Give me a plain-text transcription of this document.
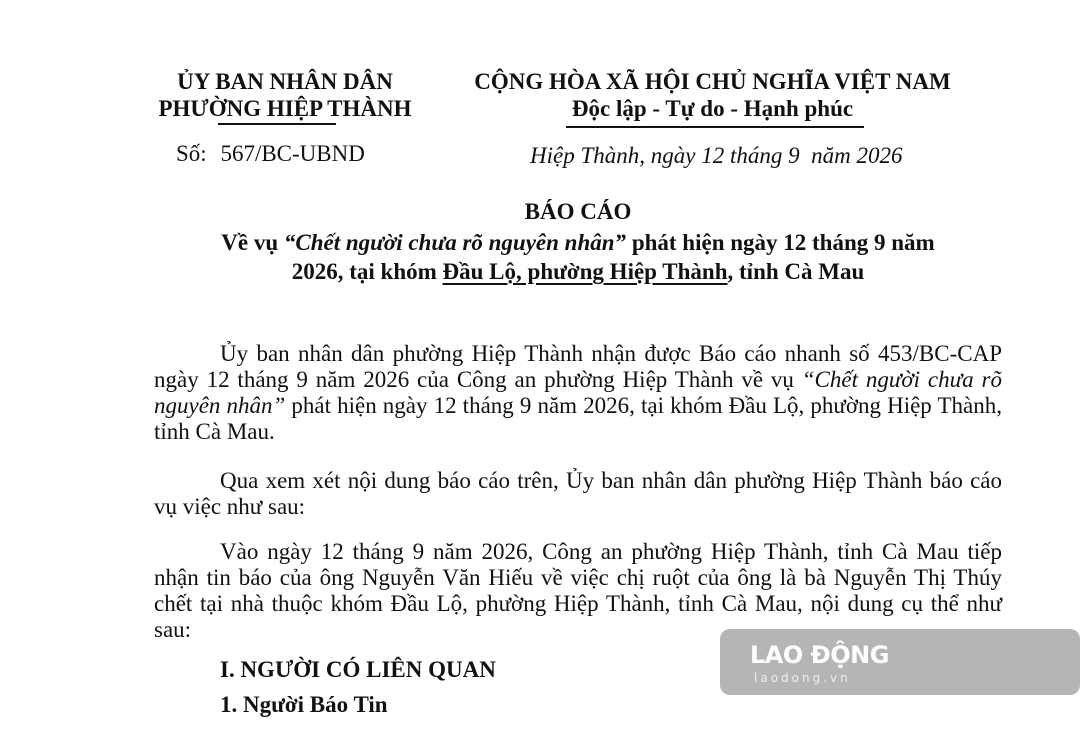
ỦY BAN NHÂN DÂN
PHƯỜNG HIỆP THÀNH
CỘNG HÒA XÃ HỘI CHỦ NGHĨA VIỆT NAM
Độc lập - Tự do - Hạnh phúc
Số: 567/BC-UBND	Hiệp Thành, ngày 12 tháng 9  năm 2026
BÁO CÁO
Về vụ “Chết người chưa rõ nguyên nhân” phát hiện ngày 12 tháng 9 năm
2026, tại khóm Đầu Lộ, phường Hiệp Thành, tỉnh Cà Mau
Ủy ban nhân dân phường Hiệp Thành nhận được Báo cáo nhanh số 453/BC-CAP ngày 12 tháng 9 năm 2026 của Công an phường Hiệp Thành về vụ “Chết người chưa rõ nguyên nhân” phát hiện ngày 12 tháng 9 năm 2026, tại khóm Đầu Lộ, phường Hiệp Thành, tỉnh Cà Mau.
Qua xem xét nội dung báo cáo trên, Ủy ban nhân dân phường Hiệp Thành báo cáo vụ việc như sau:
Vào ngày 12 tháng 9 năm 2026, Công an phường Hiệp Thành, tỉnh Cà Mau tiếp nhận tin báo của ông Nguyễn Văn Hiếu về việc chị ruột của ông là bà Nguyễn Thị Thúy chết tại nhà thuộc khóm Đầu Lộ, phường Hiệp Thành, tỉnh Cà Mau, nội dung cụ thể như sau:
I. NGƯỜI CÓ LIÊN QUAN
1. Người Báo Tin
LAO ĐỘNG
laodong.vn
